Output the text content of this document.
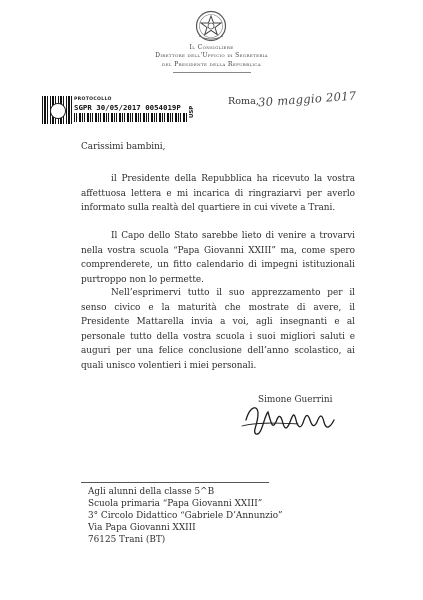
Il Consigliere
Direttore dell'Ufficio di Segreteria
del Presidente della Repubblica
PROTOCOLLO
SGPR 30/05/2017 0054019P USP
Roma,
30 maggio 2017
Carissimi bambini,
il Presidente della Repubblica ha ricevuto la vostra affettuosa lettera e mi incarica di ringraziarvi per averlo informato sulla realtà del quartiere in cui vivete a Trani.
Il Capo dello Stato sarebbe lieto di venire a trovarvi nella vostra scuola “Papa Giovanni XXIII” ma, come spero comprenderete, un fitto calendario di impegni istituzionali purtroppo non lo permette.
Nell’esprimervi tutto il suo apprezzamento per il senso civico e la maturità che mostrate di avere, il Presidente Mattarella invia a voi, agli insegnanti e al personale tutto della vostra scuola i suoi migliori saluti e auguri per una felice conclusione dell’anno scolastico, ai quali unisco volentieri i miei personali.
Simone Guerrini
Agli alunni della classe 5^B
Scuola primaria “Papa Giovanni XXIII”
3° Circolo Didattico “Gabriele D’Annunzio”
Via Papa Giovanni XXIII
76125 Trani (BT)
